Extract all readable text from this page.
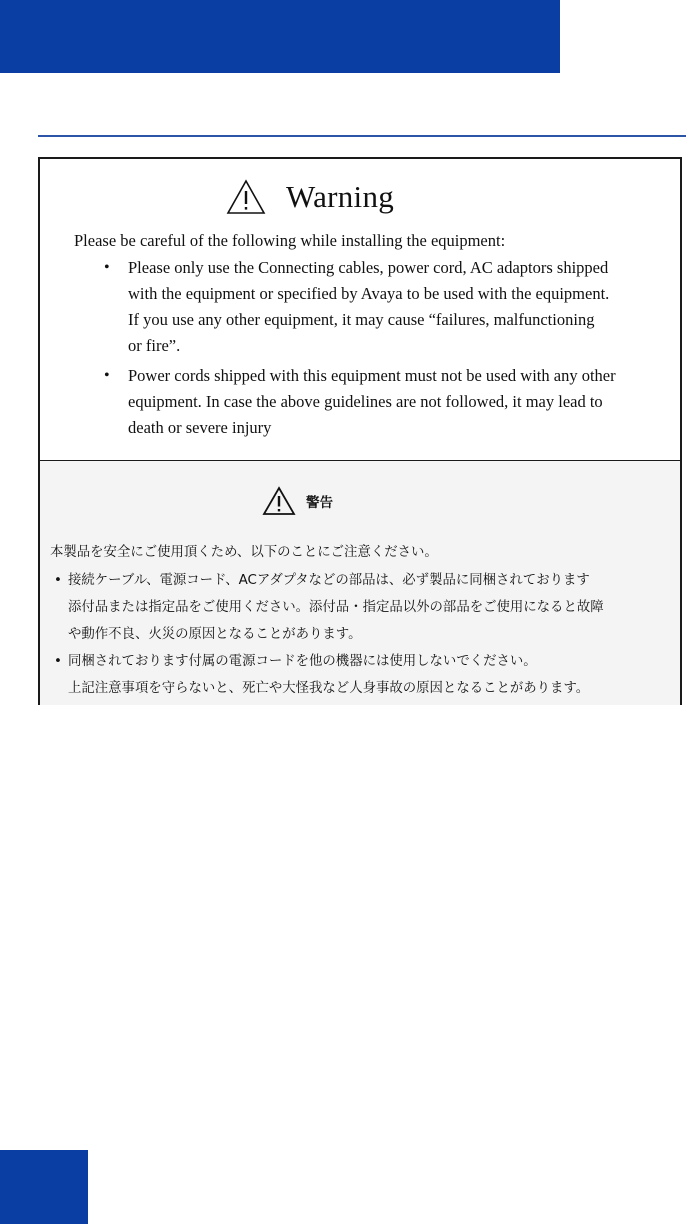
Warning
Please be careful of the following while installing the equipment:
• Please only use the Connecting cables, power cord, AC adaptors shipped
with the equipment or specified by Avaya to be used with the equipment.
If you use any other equipment, it may cause “failures, malfunctioning
or fire”.
• Power cords shipped with this equipment must not be used with any other
equipment. In case the above guidelines are not followed, it may lead to
death or severe injury
警告
本製品を安全にご使用頂くため、以下のことにご注意ください。
• 接続ケーブル、電源コード、ACアダプタなどの部品は、必ず製品に同梱されております
添付品または指定品をご使用ください。添付品・指定品以外の部品をご使用になると故障
や動作不良、火災の原因となることがあります。
• 同梱されております付属の電源コードを他の機器には使用しないでください。
上記注意事項を守らないと、死亡や大怪我など人身事故の原因となることがあります。
